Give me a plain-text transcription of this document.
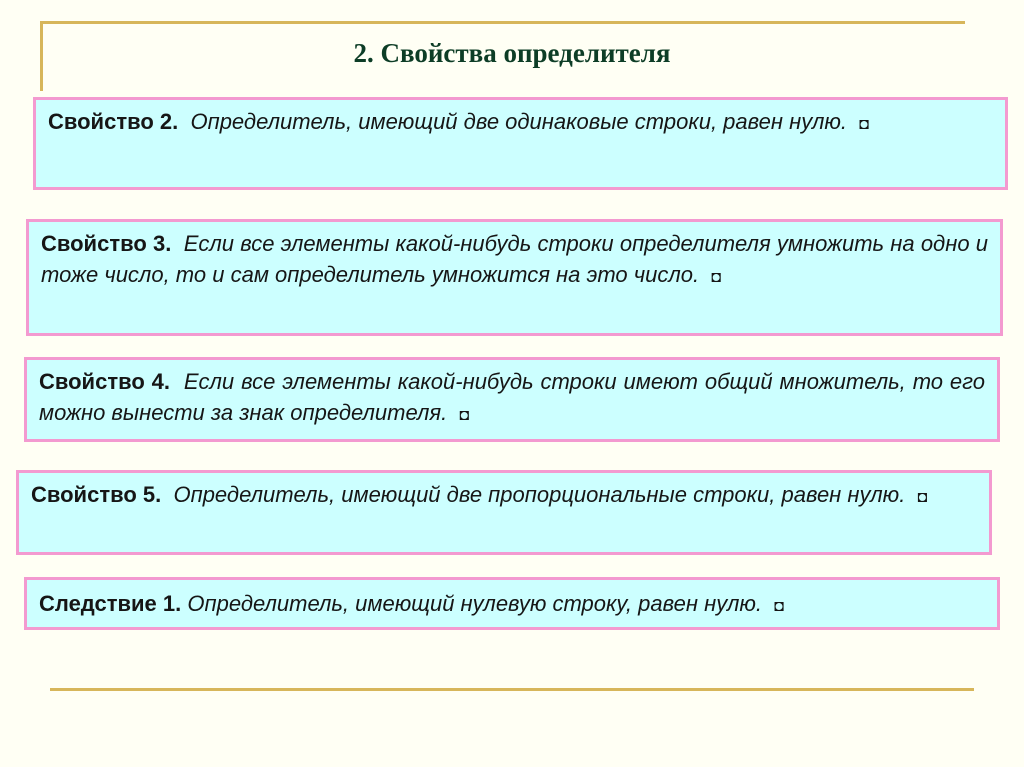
2. Свойства определителя
Свойство 2. Определитель, имеющий две одинаковые строки, равен нулю. ◘
Свойство 3. Если все элементы какой-нибудь строки определителя умножить на одно и тоже число, то и сам определитель умножится на это число. ◘
Свойство 4. Если все элементы какой-нибудь строки имеют общий множитель, то его можно вынести за знак определителя. ◘
Свойство 5. Определитель, имеющий две пропорциональные строки, равен нулю. ◘
Следствие 1. Определитель, имеющий нулевую строку, равен нулю. ◘
